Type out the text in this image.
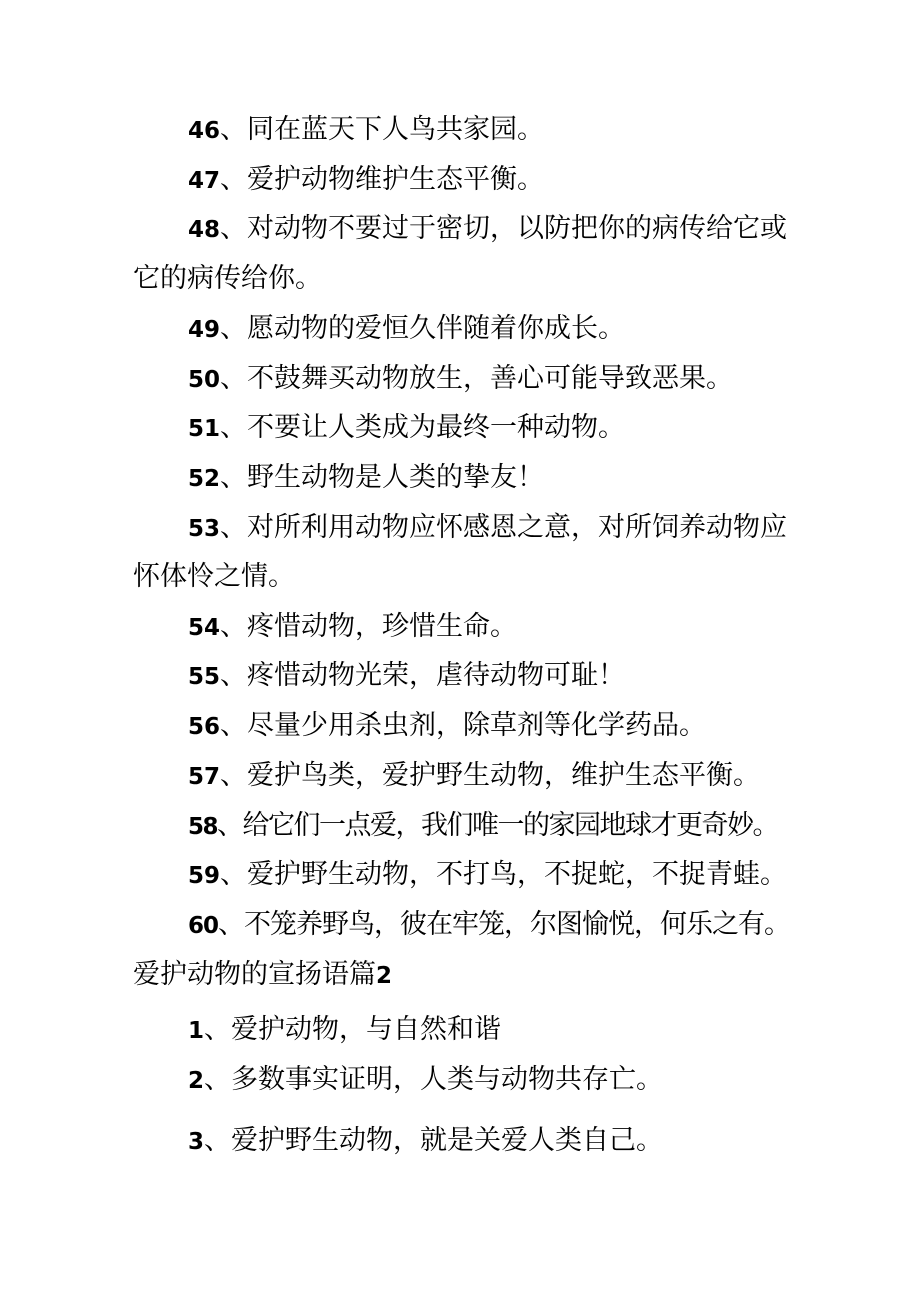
46、同在蓝天下人鸟共家园。
47、爱护动物维护生态平衡。
48、对动物不要过于密切，以防把你的病传给它或
它的病传给你。
49、愿动物的爱恒久伴随着你成长。
50、不鼓舞买动物放生，善心可能导致恶果。
51、不要让人类成为最终一种动物。
52、野生动物是人类的挚友！
53、对所利用动物应怀感恩之意，对所饲养动物应
怀体怜之情。
54、疼惜动物，珍惜生命。
55、疼惜动物光荣，虐待动物可耻！
56、尽量少用杀虫剂，除草剂等化学药品。
57、爱护鸟类，爱护野生动物，维护生态平衡。
58、给它们一点爱，我们唯一的家园地球才更奇妙。
59、爱护野生动物，不打鸟，不捉蛇，不捉青蛙。
60、不笼养野鸟，彼在牢笼，尔图愉悦，何乐之有。
爱护动物的宣扬语篇2
1、爱护动物，与自然和谐
2、多数事实证明，人类与动物共存亡。
3、爱护野生动物，就是关爱人类自己。
